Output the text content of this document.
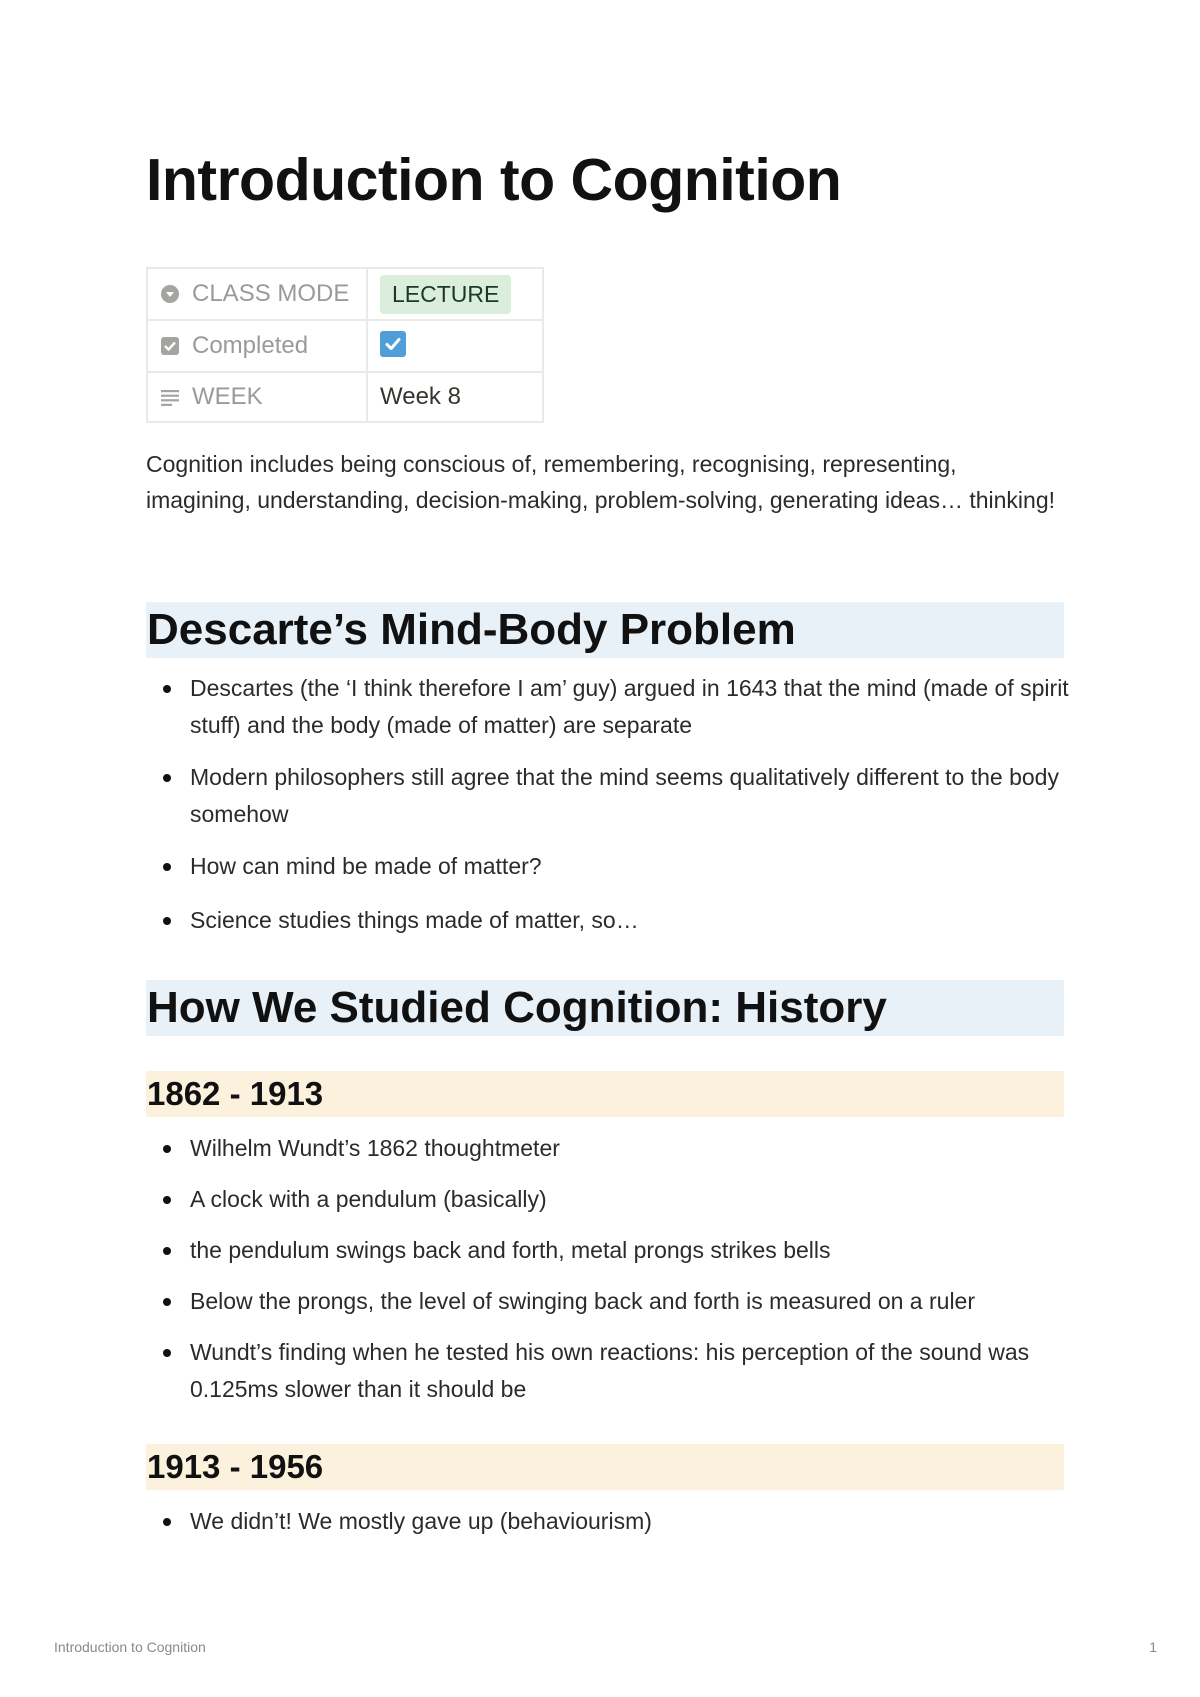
Introduction to Cognition
CLASS MODE	LECTURE

Completed

WEEK	Week 8

Cognition includes being conscious of, remembering, recognising, representing, imagining, understanding, decision-making, problem-solving, generating ideas… thinking!

Descarte’s Mind-Body Problem
Descartes (the ‘I think therefore I am’ guy) argued in 1643 that the mind (made of spirit stuff) and the body (made of matter) are separate
Modern philosophers still agree that the mind seems qualitatively different to the body somehow
How can mind be made of matter?
Science studies things made of matter, so…
How We Studied Cognition: History
1862 - 1913
Wilhelm Wundt’s 1862 thoughtmeter
A clock with a pendulum (basically)
the pendulum swings back and forth, metal prongs strikes bells
Below the prongs, the level of swinging back and forth is measured on a ruler
Wundt’s finding when he tested his own reactions: his perception of the sound was 0.125ms slower than it should be
1913 - 1956
We didn’t! We mostly gave up (behaviourism)
Introduction to Cognition	1
